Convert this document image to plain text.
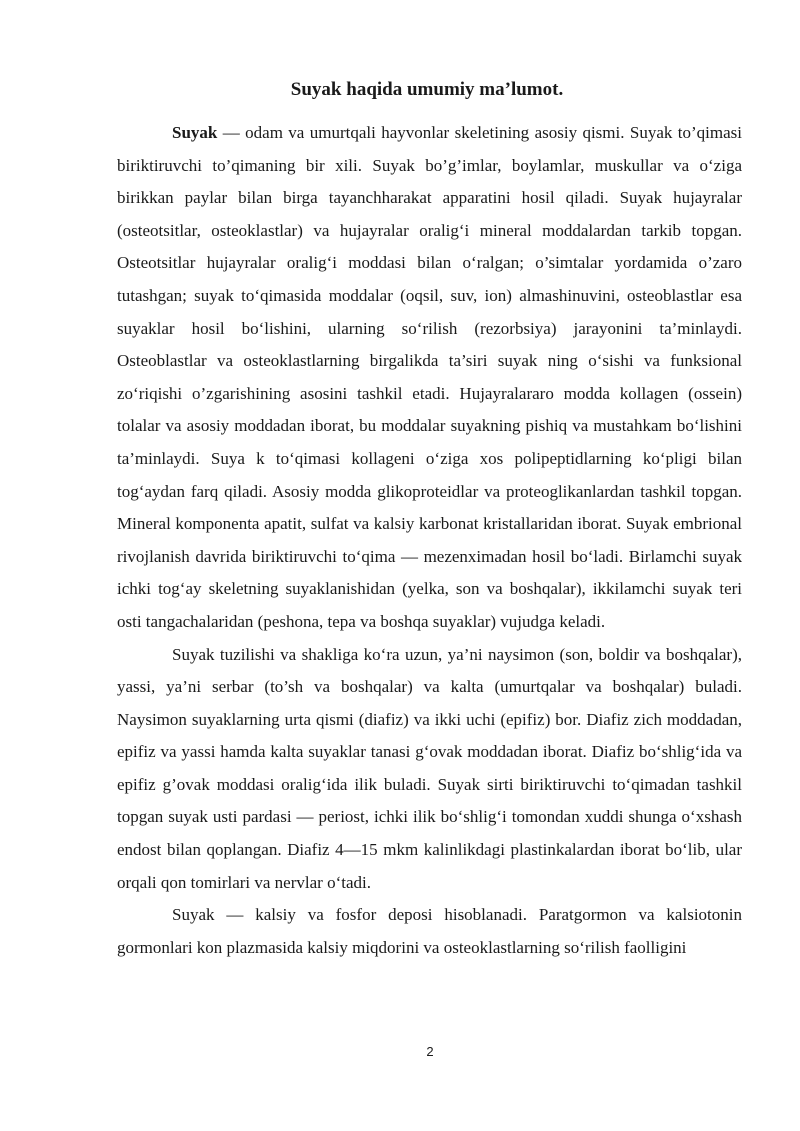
Suyak haqida umumiy ma’lumot.

Suyak — odam va umurtqali hayvonlar skeletining asosiy qismi. Suyak to’qimasi biriktiruvchi to’qimaning bir xili. Suyak bo’g’imlar, boylamlar, muskullar va o‘ziga birikkan paylar bilan birga tayanchharakat apparatini hosil qiladi. Suyak hujayralar (osteotsitlar, osteoklastlar) va hujayralar oralig‘i mineral moddalardan tarkib topgan. Osteotsitlar hujayralar oralig‘i moddasi bilan o‘ralgan; o’simtalar yordamida o’zaro tutashgan; suyak to‘qimasida moddalar (oqsil, suv, ion) almashinuvini, osteoblastlar esa suyaklar hosil bo‘lishini, ularning so‘rilish (rezorbsiya) jarayonini ta’minlaydi. Osteoblastlar va osteoklastlarning birgalikda ta’siri suyak ning o‘sishi va funksional zo‘riqishi o’zgarishining asosini tashkil etadi. Hujayralararo modda kollagen (ossein) tolalar va asosiy moddadan iborat, bu moddalar suyakning pishiq va mustahkam bo‘lishini ta’minlaydi. Suya k to‘qimasi kollageni o‘ziga xos polipeptidlarning ko‘pligi bilan tog‘aydan farq qiladi. Asosiy modda glikoproteidlar va proteoglikanlardan tashkil topgan. Mineral komponenta apatit, sulfat va kalsiy karbonat kristallaridan iborat. Suyak embrional rivojlanish davrida biriktiruvchi to‘qima — mezenximadan hosil bo‘ladi. Birlamchi suyak ichki tog‘ay skeletning suyaklanishidan (yelka, son va boshqalar), ikkilamchi suyak teri osti tangachalaridan (peshona, tepa va boshqa suyaklar) vujudga keladi.

Suyak tuzilishi va shakliga ko‘ra uzun, ya’ni naysimon (son, boldir va boshqalar), yassi, ya’ni serbar (to’sh va boshqalar) va kalta (umurtqalar va boshqalar) buladi. Naysimon suyaklarning urta qismi (diafiz) va ikki uchi (epifiz) bor. Diafiz zich moddadan, epifiz va yassi hamda kalta suyaklar tanasi g‘ovak moddadan iborat. Diafiz bo‘shlig‘ida va epifiz g’ovak moddasi oralig‘ida ilik buladi. Suyak sirti biriktiruvchi to‘qimadan tashkil topgan suyak usti pardasi — periost, ichki ilik bo‘shlig‘i tomondan xuddi shunga o‘xshash endost bilan qoplangan. Diafiz 4—15 mkm kalinlikdagi plastinkalardan iborat bo‘lib, ular orqali qon tomirlari va nervlar o‘tadi.

Suyak — kalsiy va fosfor deposi hisoblanadi. Paratgormon va kalsiotonin gormonlari kon plazmasida kalsiy miqdorini va osteoklastlarning so‘rilish faolligini

2
